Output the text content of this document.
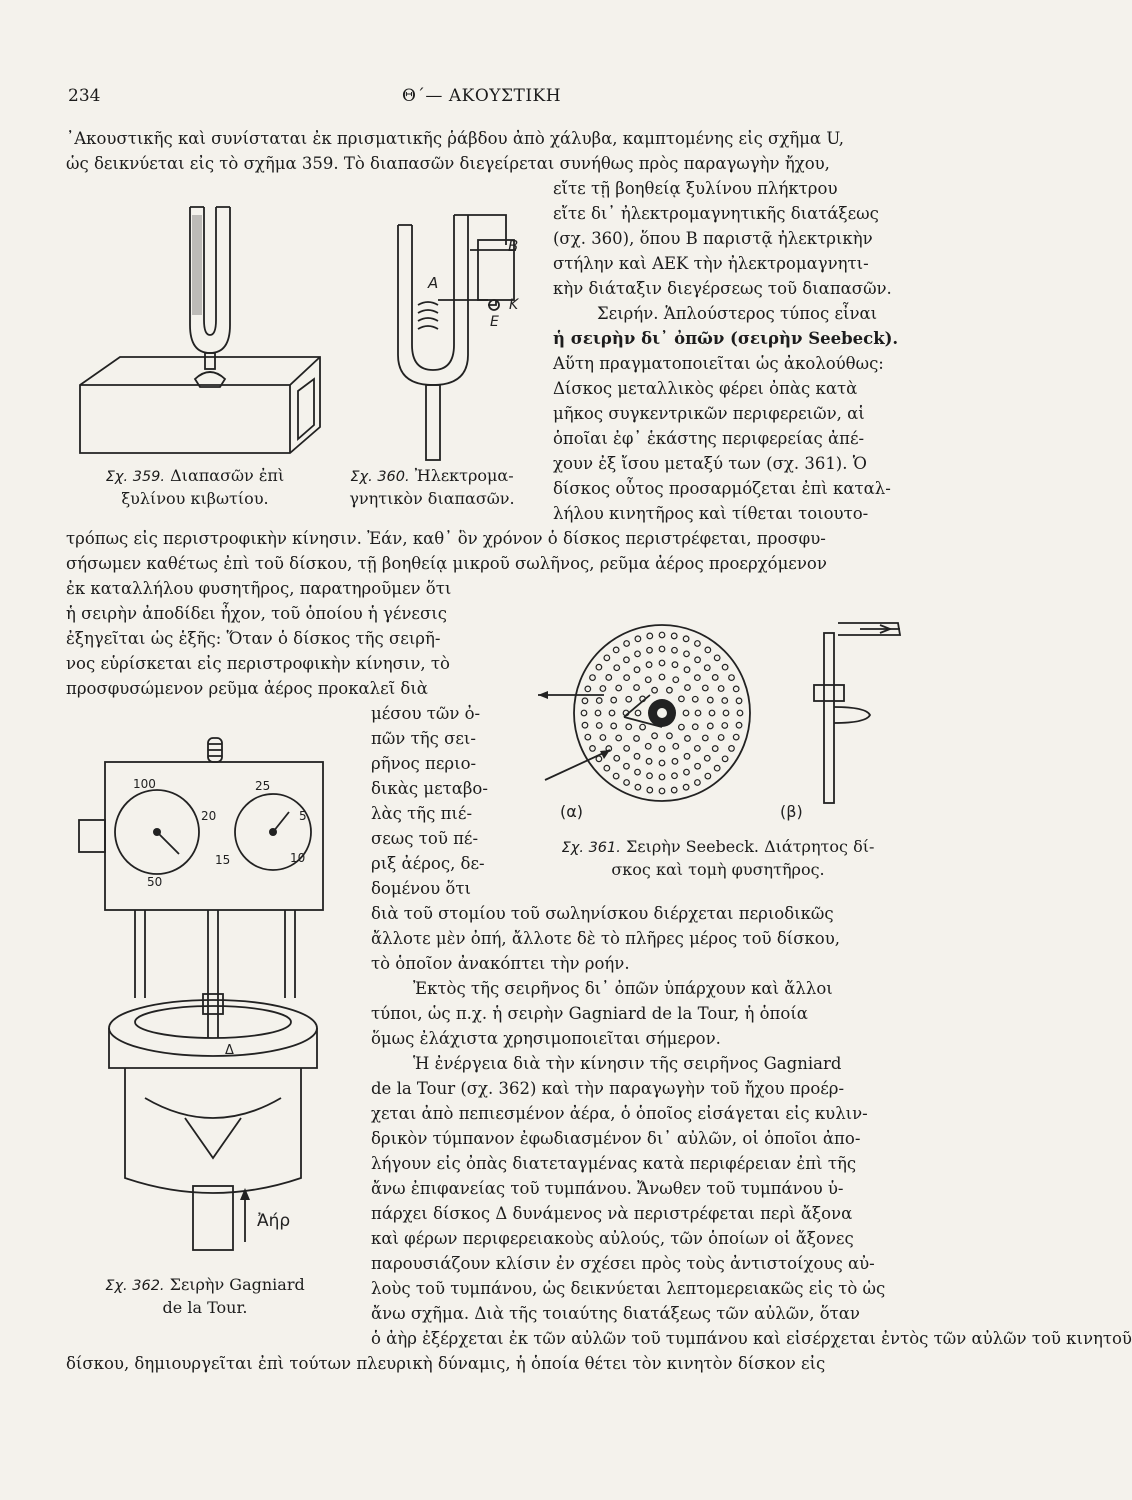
234	Θ΄— ΑΚΟΥΣΤΙΚΗ
᾿Ακουστικῆς καὶ συνίσταται ἐκ πρισματικῆς ῥάβδου ἀπὸ χάλυβα, καμπτομένης εἰς σχῆμα U,
ὡς δεικνύεται εἰς τὸ σχῆμα 359. Τὸ διαπασῶν διεγείρεται συνήθως πρὸς παραγωγὴν ἤχου,
εἴτε τῇ βοηθείᾳ ξυλίνου πλήκτρου
εἴτε δι᾿ ἠλεκτρομαγνητικῆς διατάξεως
(σχ. 360), ὅπου Β παριστᾷ ἠλεκτρικὴν
στήλην καὶ ΑΕΚ τὴν ἠλεκτρομαγνητι-
κὴν διάταξιν διεγέρσεως τοῦ διαπασῶν.
Σειρήν. Ἁπλούστερος τύπος εἶναι
ἡ σειρὴν δι᾿ ὀπῶν (σειρὴν Seebeck).
Αὕτη πραγματοποιεῖται ὡς ἀκολούθως:
Δίσκος μεταλλικὸς φέρει ὀπὰς κατὰ
μῆκος συγκεντρικῶν περιφερειῶν, αἱ
ὁποῖαι ἐφ᾿ ἑκάστης περιφερείας ἀπέ-
χουν ἐξ ἴσου μεταξύ των (σχ. 361). Ὁ
δίσκος οὗτος προσαρμόζεται ἐπὶ καταλ-
λήλου κινητῆρος καὶ τίθεται τοιουτο-
τρόπως εἰς περιστροφικὴν κίνησιν. Ἐάν, καθ᾿ ὃν χρόνον ὁ δίσκος περιστρέφεται, προσφυ-
σήσωμεν καθέτως ἐπὶ τοῦ δίσκου, τῇ βοηθείᾳ μικροῦ σωλῆνος, ρεῦμα ἀέρος προερχόμενον
ἐκ καταλλήλου φυσητῆρος, παρατηροῦμεν ὅτι
ἡ σειρὴν ἀποδίδει ἦχον, τοῦ ὁποίου ἡ γένεσις
ἐξηγεῖται ὡς ἑξῆς: Ὅταν ὁ δίσκος τῆς σειρῆ-
νος εὑρίσκεται εἰς περιστροφικὴν κίνησιν, τὸ
προσφυσώμενον ρεῦμα ἀέρος προκαλεῖ διὰ
μέσου τῶν ὀ-
πῶν τῆς σει-
ρῆνος περιο-
δικὰς μεταβο-
λὰς τῆς πιέ-
σεως τοῦ πέ-
ριξ ἀέρος, δε-
δομένου ὅτι
διὰ τοῦ στομίου τοῦ σωληνίσκου διέρχεται περιοδικῶς
ἄλλοτε μὲν ὀπή, ἄλλοτε δὲ τὸ πλῆρες μέρος τοῦ δίσκου,
τὸ ὁποῖον ἀνακόπτει τὴν ροήν.
Ἐκτὸς τῆς σειρῆνος δι᾿ ὀπῶν ὑπάρχουν καὶ ἄλλοι
τύποι, ὡς π.χ. ἡ σειρὴν Gagniard de la Tour, ἡ ὁποία
ὅμως ἐλάχιστα χρησιμοποιεῖται σήμερον.
Ἡ ἐνέργεια διὰ τὴν κίνησιν τῆς σειρῆνος Gagniard
de la Tour (σχ. 362) καὶ τὴν παραγωγὴν τοῦ ἤχου προέρ-
χεται ἀπὸ πεπιεσμένον ἀέρα, ὁ ὁποῖος εἰσάγεται εἰς κυλιν-
δρικὸν τύμπανον ἐφωδιασμένον δι᾿ αὐλῶν, οἱ ὁποῖοι ἀπο-
λήγουν εἰς ὀπὰς διατεταγμένας κατὰ περιφέρειαν ἐπὶ τῆς
ἄνω ἐπιφανείας τοῦ τυμπάνου. Ἄνωθεν τοῦ τυμπάνου ὑ-
πάρχει δίσκος Δ δυνάμενος νὰ περιστρέφεται περὶ ἄξονα
καὶ φέρων περιφερειακοὺς αὐλούς, τῶν ὁποίων οἱ ἄξονες
παρουσιάζουν κλίσιν ἐν σχέσει πρὸς τοὺς ἀντιστοίχους αὐ-
λοὺς τοῦ τυμπάνου, ὡς δεικνύεται λεπτομερειακῶς εἰς τὸ ὡς
ἄνω σχῆμα. Διὰ τῆς τοιαύτης διατάξεως τῶν αὐλῶν, ὅταν
ὁ ἀὴρ ἐξέρχεται ἐκ τῶν αὐλῶν τοῦ τυμπάνου καὶ εἰσέρχεται ἐντὸς τῶν αὐλῶν τοῦ κινητοῦ
δίσκου, δημιουργεῖται ἐπὶ τούτων πλευρικὴ δύναμις, ἡ ὁποία θέτει τὸν κινητὸν δίσκον εἰς
B
A
K
E
(α)	(β)
100
20
15
50
25
5
10
Ἀήρ
Δ
Σχ. 359. Διαπασῶν ἐπὶ
ξυλίνου κιβωτίου.
Σχ. 360. Ἠλεκτρομα-
γνητικὸν διαπασῶν.
Σχ. 361. Σειρὴν Seebeck. Διάτρητος δί-
σκος καὶ τομὴ φυσητῆρος.
Σχ. 362. Σειρὴν Gagniard
de la Tour.
